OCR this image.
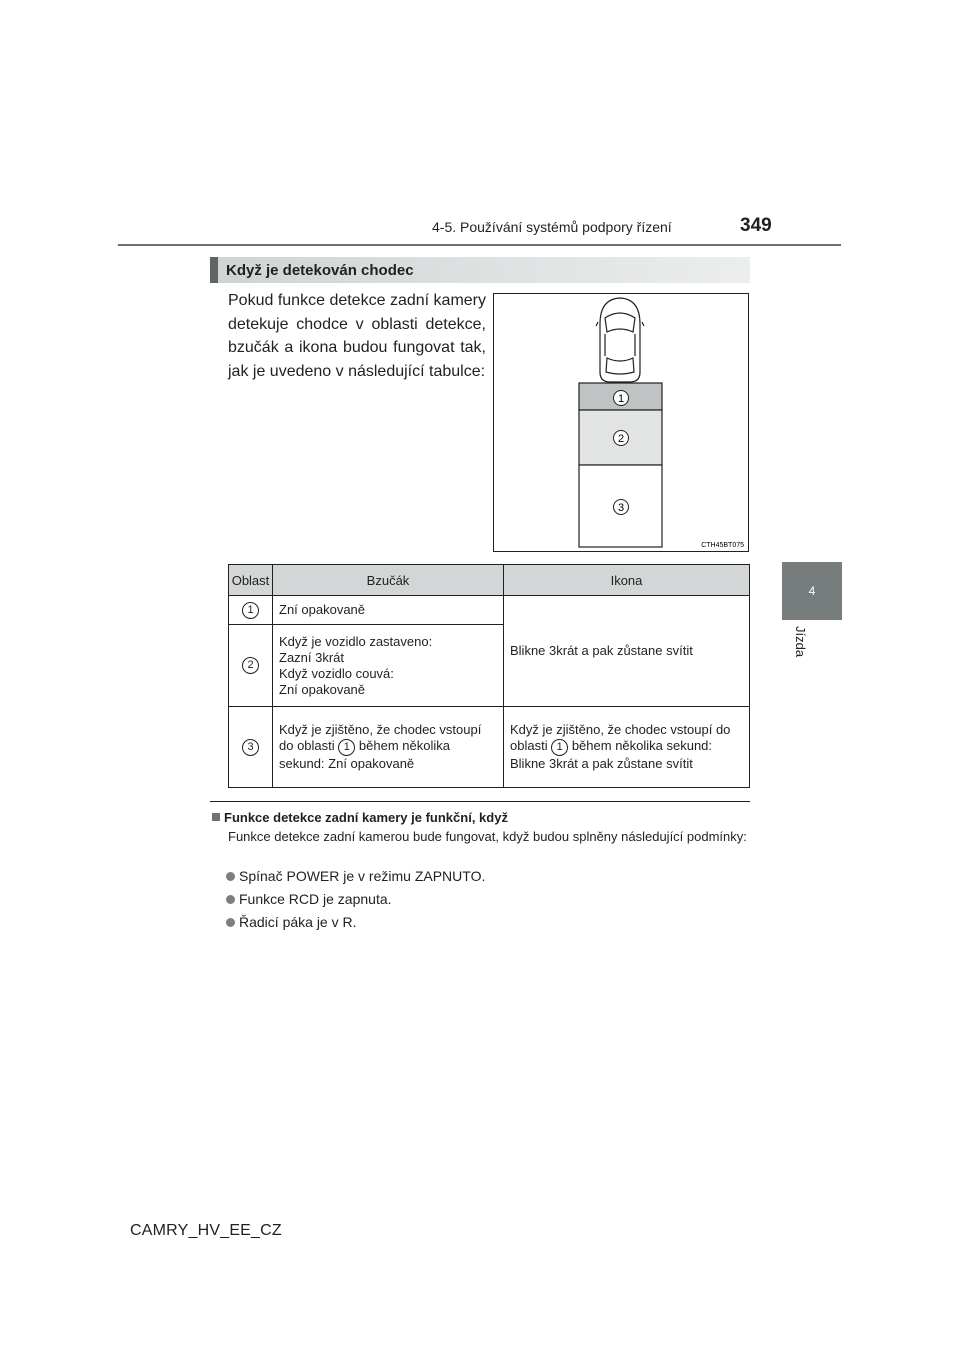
4-5. Používání systémů podpory řízení	349
4
Jízda
Když je detekován chodec
Pokud funkce detekce zadní kamery detekuje chodce v oblasti detekce, bzučák a ikona budou fungovat tak, jak je uvedeno v následující tabulce:
1
2
3
CTH45BT075
Oblast	Bzučák	Ikona
1	Zní opakovaně	Blikne 3krát a pak zůstane svítit
2	Když je vozidlo zastaveno:
Zazní 3krát
Když vozidlo couvá:
Zní opakovaně	

3	Když je zjištěno, že chodec vstoupí do oblasti 1 během několika sekund: Zní opakovaně	Když je zjištěno, že chodec vstoupí do oblasti 1 během několika sekund: Blikne 3krát a pak zůstane svítit
Funkce detekce zadní kamery je funkční, když
Funkce detekce zadní kamerou bude fungovat, když budou splněny následující podmínky:
Spínač POWER je v režimu ZAPNUTO.
Funkce RCD je zapnuta.
Řadicí páka je v R.
CAMRY_HV_EE_CZ
